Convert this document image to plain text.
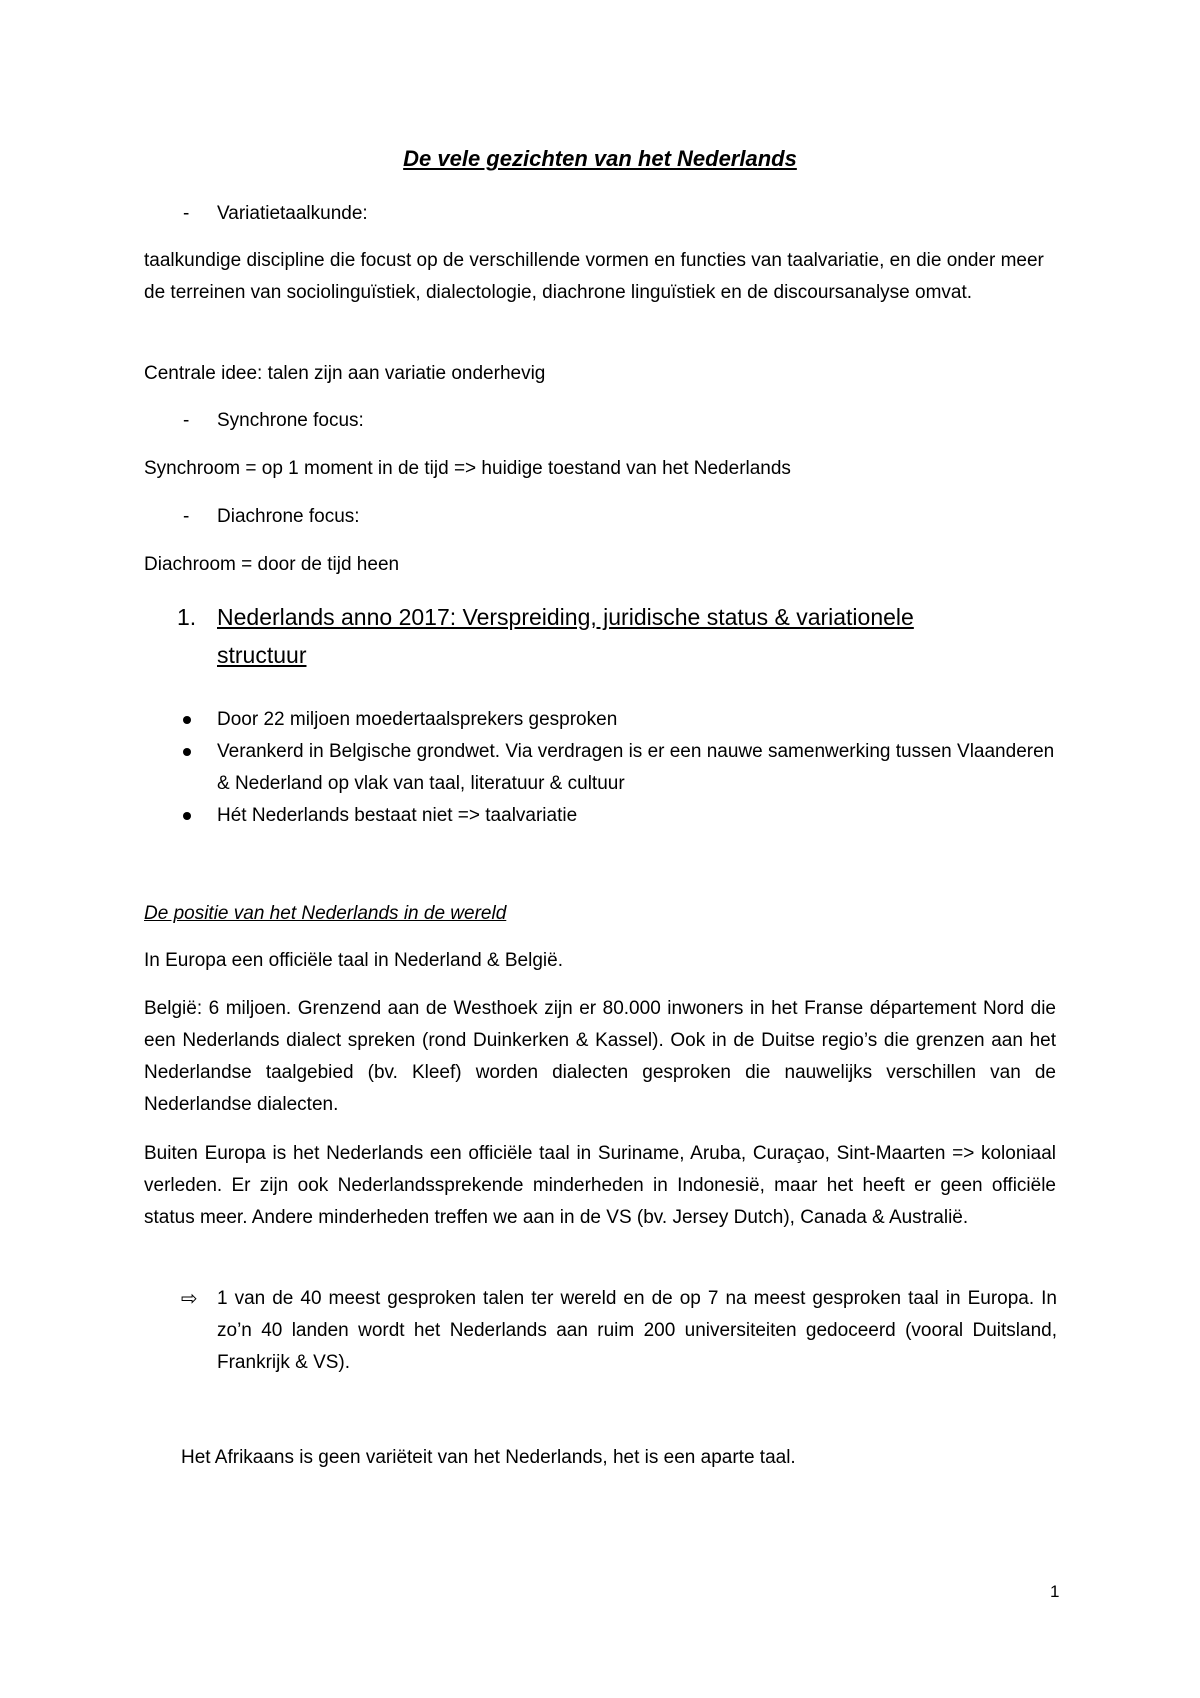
De vele gezichten van het Nederlands
- Variatietaalkunde:
taalkundige discipline die focust op de verschillende vormen en functies van taalvariatie, en die onder meer de terreinen van sociolinguïstiek, dialectologie, diachrone linguïstiek en de discoursanalyse omvat.
Centrale idee: talen zijn aan variatie onderhevig
- Synchrone focus:
Synchroom = op 1 moment in de tijd => huidige toestand van het Nederlands
- Diachrone focus:
Diachroom = door de tijd heen
1. Nederlands anno 2017: Verspreiding, juridische status & variationele
structuur
Door 22 miljoen moedertaalsprekers gesproken
Verankerd in Belgische grondwet. Via verdragen is er een nauwe samenwerking tussen Vlaanderen & Nederland op vlak van taal, literatuur & cultuur
Hét Nederlands bestaat niet => taalvariatie
De positie van het Nederlands in de wereld
In Europa een officiële taal in Nederland & België.
België: 6 miljoen. Grenzend aan de Westhoek zijn er 80.000 inwoners in het Franse département Nord die een Nederlands dialect spreken (rond Duinkerken & Kassel). Ook in de Duitse regio’s die grenzen aan het Nederlandse taalgebied (bv. Kleef) worden dialecten gesproken die nauwelijks verschillen van de Nederlandse dialecten.
Buiten Europa is het Nederlands een officiële taal in Suriname, Aruba, Curaçao, Sint-Maarten => koloniaal verleden. Er zijn ook Nederlandssprekende minderheden in Indonesië, maar het heeft er geen officiële status meer. Andere minderheden treffen we aan in de VS (bv. Jersey Dutch), Canada & Australië.
⇨ 1 van de 40 meest gesproken talen ter wereld en de op 7 na meest gesproken taal in Europa. In zo’n 40 landen wordt het Nederlands aan ruim 200 universiteiten gedoceerd (vooral Duitsland, Frankrijk & VS).
Het Afrikaans is geen variëteit van het Nederlands, het is een aparte taal.
1
